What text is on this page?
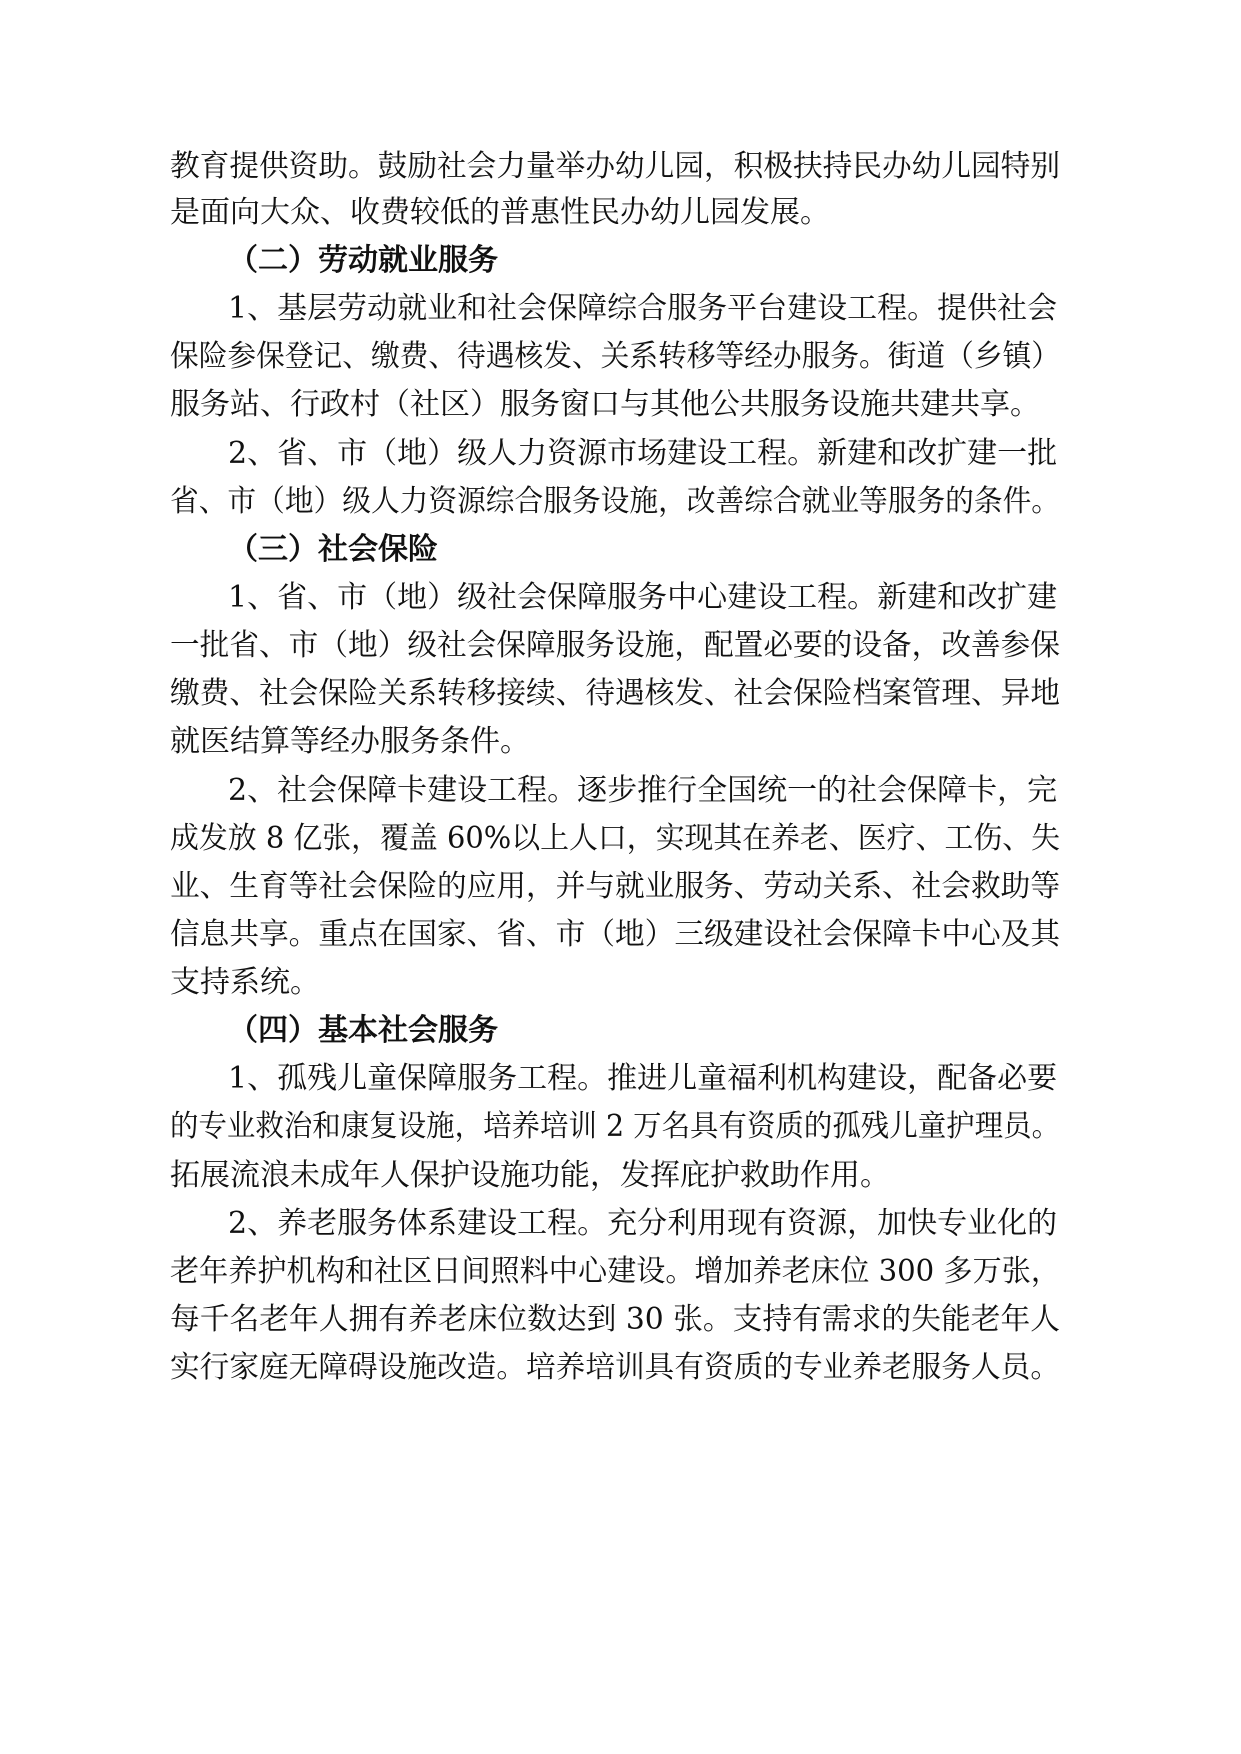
教育提供资助。鼓励社会力量举办幼儿园，积极扶持民办幼儿园特别
是面向大众、收费较低的普惠性民办幼儿园发展。
（二）劳动就业服务
1、基层劳动就业和社会保障综合服务平台建设工程。提供社会
保险参保登记、缴费、待遇核发、关系转移等经办服务。街道（乡镇）
服务站、行政村（社区）服务窗口与其他公共服务设施共建共享。
2、省、市（地）级人力资源市场建设工程。新建和改扩建一批
省、市（地）级人力资源综合服务设施，改善综合就业等服务的条件。
（三）社会保险
1、省、市（地）级社会保障服务中心建设工程。新建和改扩建
一批省、市（地）级社会保障服务设施，配置必要的设备，改善参保
缴费、社会保险关系转移接续、待遇核发、社会保险档案管理、异地
就医结算等经办服务条件。
2、社会保障卡建设工程。逐步推行全国统一的社会保障卡，完
成发放 8 亿张，覆盖 60%以上人口，实现其在养老、医疗、工伤、失
业、生育等社会保险的应用，并与就业服务、劳动关系、社会救助等
信息共享。重点在国家、省、市（地）三级建设社会保障卡中心及其
支持系统。
（四）基本社会服务
1、孤残儿童保障服务工程。推进儿童福利机构建设，配备必要
的专业救治和康复设施，培养培训 2 万名具有资质的孤残儿童护理员。
拓展流浪未成年人保护设施功能，发挥庇护救助作用。
2、养老服务体系建设工程。充分利用现有资源，加快专业化的
老年养护机构和社区日间照料中心建设。增加养老床位 300 多万张，
每千名老年人拥有养老床位数达到 30 张。支持有需求的失能老年人
实行家庭无障碍设施改造。培养培训具有资质的专业养老服务人员。
